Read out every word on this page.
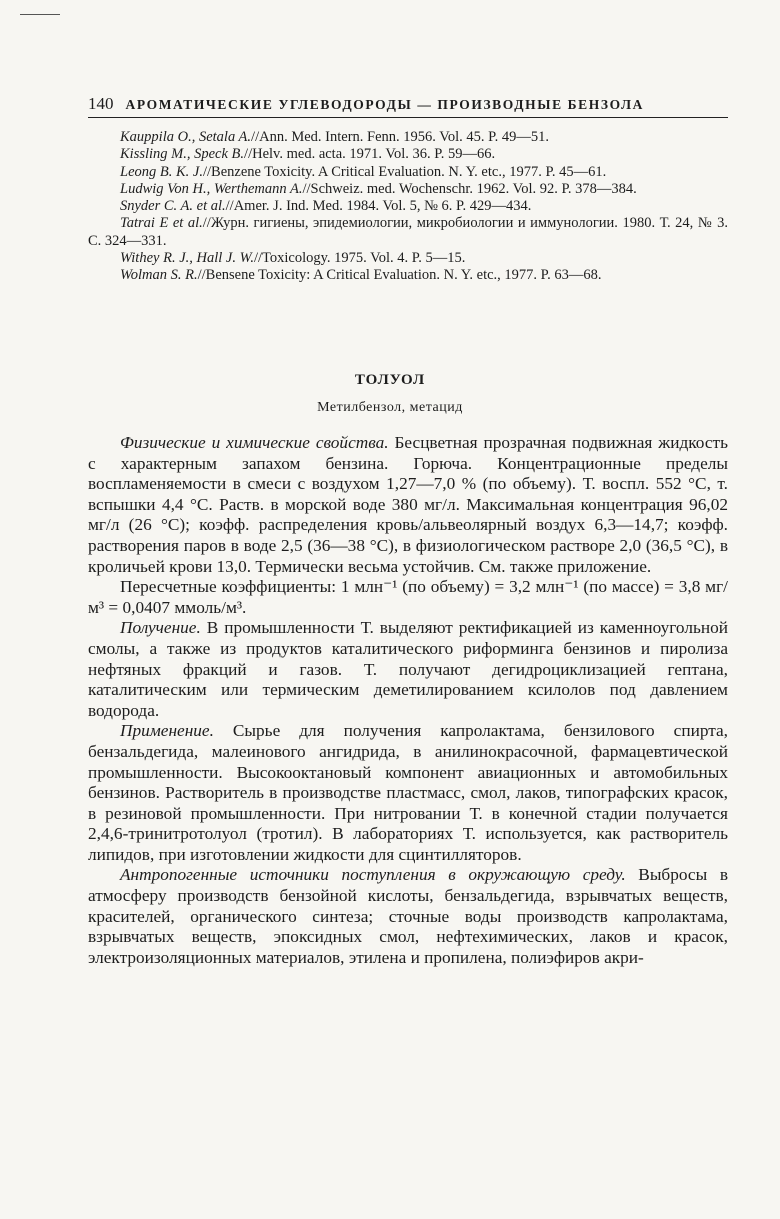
140 АРОМАТИЧЕСКИЕ УГЛЕВОДОРОДЫ — ПРОИЗВОДНЫЕ БЕНЗОЛА

Kauppila O., Setala A.//Ann. Med. Intern. Fenn. 1956. Vol. 45. P. 49—51.

Kissling M., Speck B.//Helv. med. acta. 1971. Vol. 36. P. 59—66.

Leong B. K. J.//Benzene Toxicity. A Critical Evaluation. N. Y. etc., 1977. P. 45—61.

Ludwig Von H., Werthemann A.//Schweiz. med. Wochenschr. 1962. Vol. 92. P. 378—384.

Snyder C. A. et al.//Amer. J. Ind. Med. 1984. Vol. 5, № 6. P. 429—434.

Tatrai E et al.//Журн. гигиены, эпидемиологии, микробиологии и иммунологии. 1980. Т. 24, № 3. С. 324—331.

Withey R. J., Hall J. W.//Toxicology. 1975. Vol. 4. P. 5—15.

Wolman S. R.//Bensene Toxicity: A Critical Evaluation. N. Y. etc., 1977. P. 63—68.

ТОЛУОЛ
Метилбензол, метацид

Физические и химические свойства. Бесцветная прозрачная подвижная жидкость с характерным запахом бензина. Горюча. Концентрационные пределы воспламеняемости в смеси с воздухом 1,27—7,0 % (по объему). Т. воспл. 552 °С, т. вспышки 4,4 °С. Раств. в морской воде 380 мг/л. Максимальная концентрация 96,02 мг/л (26 °С); коэфф. распределения кровь/альвеолярный воздух 6,3—14,7; коэфф. растворения паров в воде 2,5 (36—38 °С), в физиологическом растворе 2,0 (36,5 °С), в кроличьей крови 13,0. Термически весьма устойчив. См. также приложение.

Пересчетные коэффициенты: 1 млн⁻¹ (по объему) = 3,2 млн⁻¹ (по массе) = 3,8 мг/м³ = 0,0407 ммоль/м³.

Получение. В промышленности Т. выделяют ректификацией из каменноугольной смолы, а также из продуктов каталитического риформинга бензинов и пиролиза нефтяных фракций и газов. Т. получают дегидроциклизацией гептана, каталитическим или термическим деметилированием ксилолов под давлением водорода.

Применение. Сырье для получения капролактама, бензилового спирта, бензальдегида, малеинового ангидрида, в анилинокрасочной, фармацевтической промышленности. Высокооктановый компонент авиационных и автомобильных бензинов. Растворитель в производстве пластмасс, смол, лаков, типографских красок, в резиновой промышленности. При нитровании Т. в конечной стадии получается 2,4,6-тринитротолуол (тротил). В лабораториях Т. используется, как растворитель липидов, при изготовлении жидкости для сцинтилляторов.

Антропогенные источники поступления в окружающую среду. Выбросы в атмосферу производств бензойной кислоты, бензальдегида, взрывчатых веществ, красителей, органического синтеза; сточные воды производств капролактама, взрывчатых веществ, эпоксидных смол, нефтехимических, лаков и красок, электроизоляционных материалов, этилена и пропилена, полиэфиров акри-
